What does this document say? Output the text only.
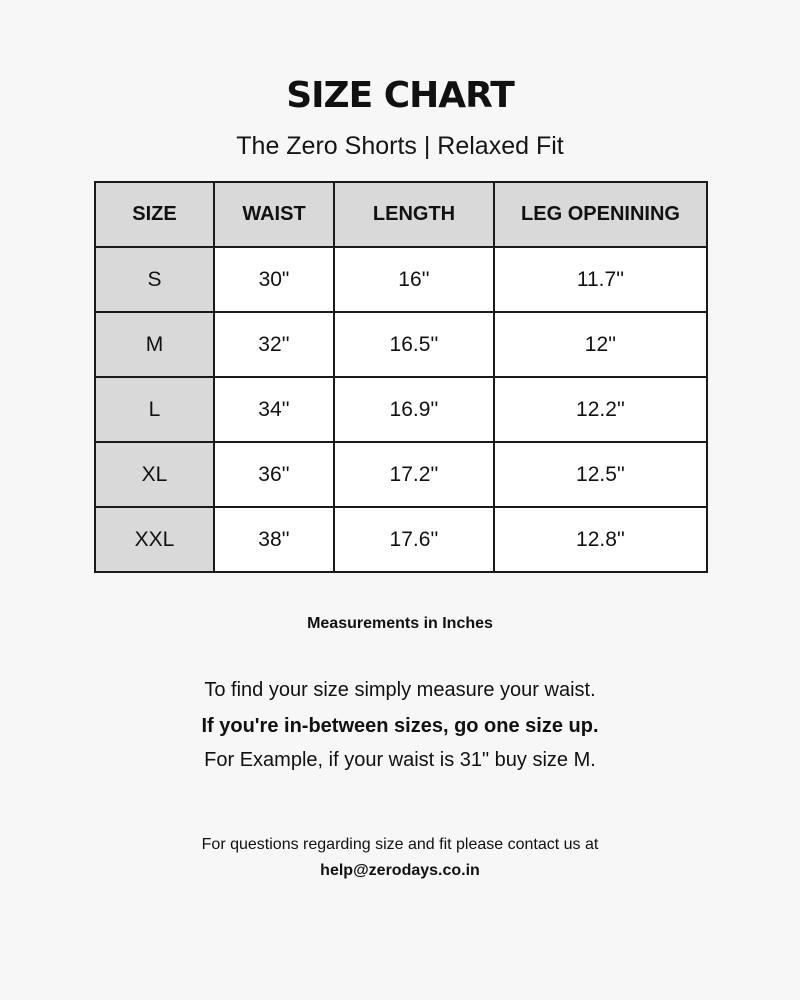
SIZE CHART
The Zero Shorts | Relaxed Fit
SIZE	WAIST	LENGTH	LEG OPENINING
S	30"	16''	11.7''
M	32''	16.5''	12''
L	34''	16.9''	12.2''
XL	36''	17.2''	12.5''
XXL	38''	17.6''	12.8''
Measurements in Inches
To find your size simply measure your waist.
If you're in-between sizes, go one size up.
For Example, if your waist is 31" buy size M.
For questions regarding size and fit please contact us at
help@zerodays.co.in
